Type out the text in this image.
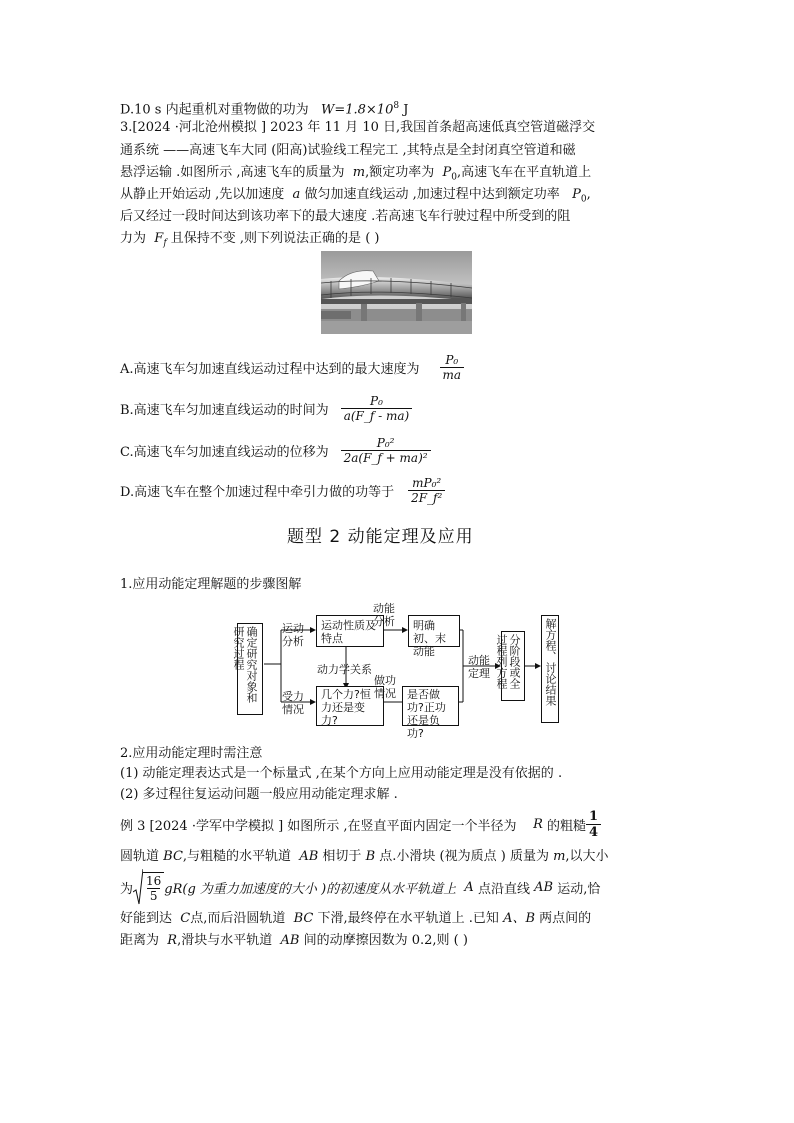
D.10 s 内起重机对重物做的功为 $W=1.8\times 10^8$ J
3.[2024 ·河北沧州模拟 ] 2023 年 11 月 10 日,我国首条超高速低真空管道磁浮交
通系统 ——高速飞车大同 (阳高)试验线工程完工 ,其特点是全封闭真空管道和磁
悬浮运输 .如图所示 ,高速飞车的质量为 m,额定功率为 $P_0$,高速飞车在平直轨道上
从静止开始运动 ,先以加速度 a 做匀加速直线运动 ,加速过程中达到额定功率 $P_0$,
后又经过一段时间达到该功率下的最大速度 .若高速飞车行驶过程中所受到的阻
力为 $F_f$ 且保持不变 ,则下列说法正确的是 ( )
A.高速飞车匀加速直线运动过程中达到的最大速度为 $\frac{\text{P₀}}{ma}$
B.高速飞车匀加速直线运动的时间为 $\frac{\text{P₀}}{a(F\_f - ma)}$
C.高速飞车匀加速直线运动的位移为 $\frac{\text{P₀²}}{\text{2a(F\_f + ma)²}}$
D.高速飞车在整个加速过程中牵引力做的功等于 $\frac{\text{mP₀²}}{\text{2F\_f²}}$
题型 2 动能定理及应用
1.应用动能定理解题的步骤图解
确定研究对象和研究过程	运动分析
运动性质及特点
动能分析	明确初、末动能
动力学关系
受力情况
几个力?恒力还是变力?
做功情况	是否做功?正功还是负功?
动能定理	分阶段或全过程列方程	解方程、讨论结果
2.应用动能定理时需注意
(1) 动能定理表达式是一个标量式 ,在某个方向上应用动能定理是没有依据的 .
(2) 多过程往复运动问题一般应用动能定理求解 .
例 3 [2024 ·学军中学模拟 ] 如图所示 ,在竖直平面内固定一个半径为
R
的粗糙 $\frac{1}{4}$
圆轨道 BC,与粗糙的水平轨道 AB 相切于 B 点.小滑块 (视为质点 ) 质量为 m,以大小
为 $\frac{16}{5} gR(g$ 为重力加速度的大小 )的初速度从水平轨道上
A
点沿直线
AB
运动,恰
好能到达 C点,而后沿圆轨道 BC 下滑,最终停在水平轨道上 .已知 A、B 两点间的
距离为 R,滑块与水平轨道 AB 间的动摩擦因数为 0.2,则 ( )
